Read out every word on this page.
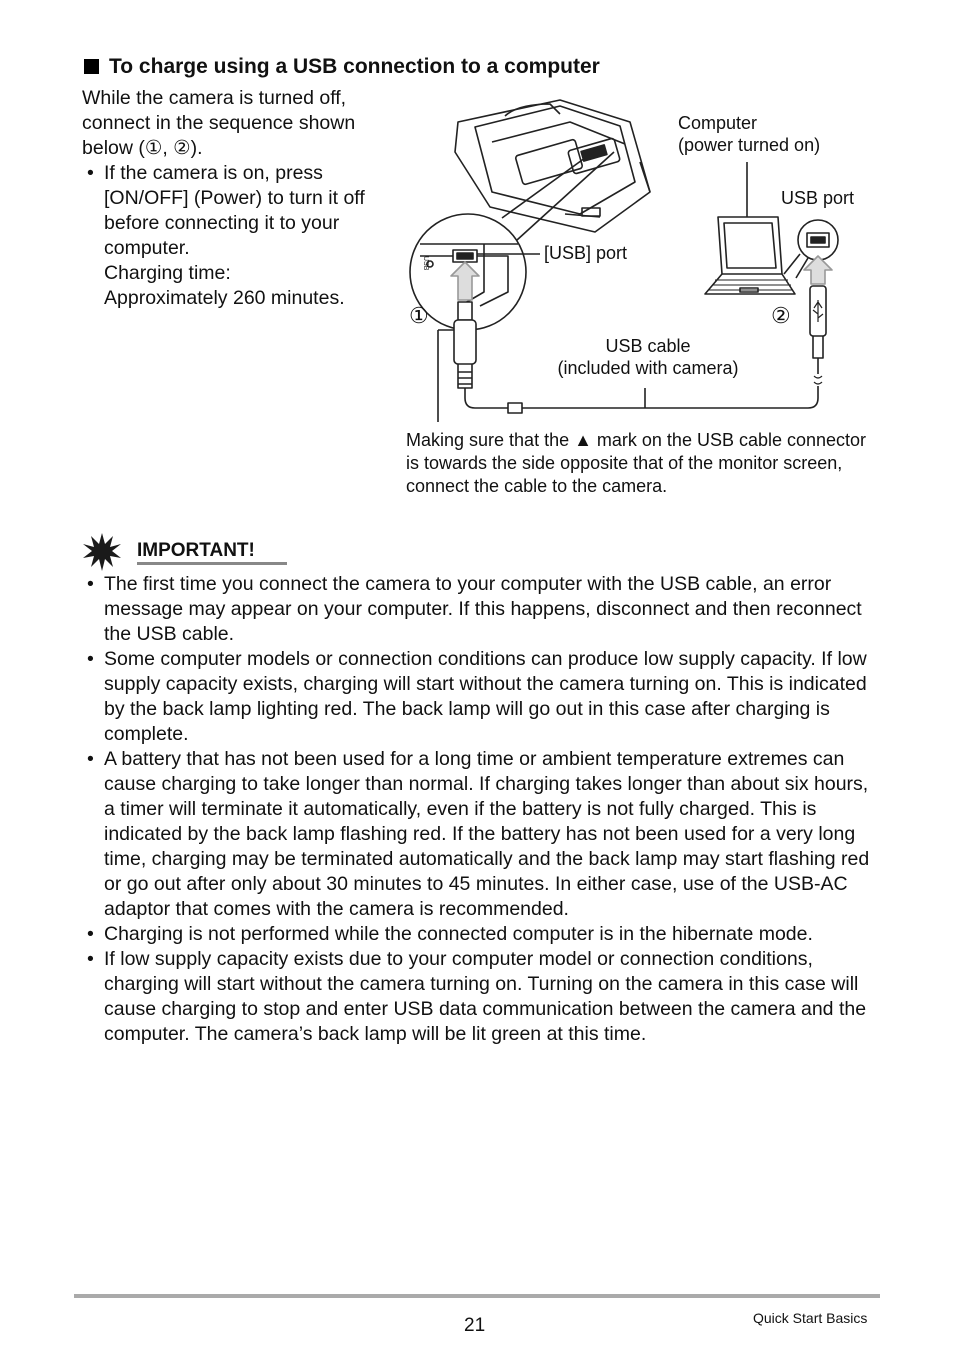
To charge using a USB connection to a computer
While the camera is turned off, connect in the sequence shown below (①, ②).
• If the camera is on, press [ON/OFF] (Power) to turn it off before connecting it to your computer.
Charging time:
Approximately 260 minutes.
USB
Computer
(power turned on)
USB port
[USB] port
①	②
USB cable
(included with camera)
Making sure that the ▲ mark on the USB cable connector is towards the side opposite that of the monitor screen, connect the cable to the camera.
IMPORTANT!
• The first time you connect the camera to your computer with the USB cable, an error message may appear on your computer. If this happens, disconnect and then reconnect the USB cable.
• Some computer models or connection conditions can produce low supply capacity. If low supply capacity exists, charging will start without the camera turning on. This is indicated by the back lamp lighting red. The back lamp will go out in this case after charging is complete.
• A battery that has not been used for a long time or ambient temperature extremes can cause charging to take longer than normal. If charging takes longer than about six hours, a timer will terminate it automatically, even if the battery is not fully charged. This is indicated by the back lamp flashing red. If the battery has not been used for a very long time, charging may be terminated automatically and the back lamp may start flashing red or go out after only about 30 minutes to 45 minutes. In either case, use of the USB-AC adaptor that comes with the camera is recommended.
• Charging is not performed while the connected computer is in the hibernate mode.
• If low supply capacity exists due to your computer model or connection conditions, charging will start without the camera turning on. Turning on the camera in this case will cause charging to stop and enter USB data communication between the camera and the computer. The camera’s back lamp will be lit green at this time.
21	Quick Start Basics
